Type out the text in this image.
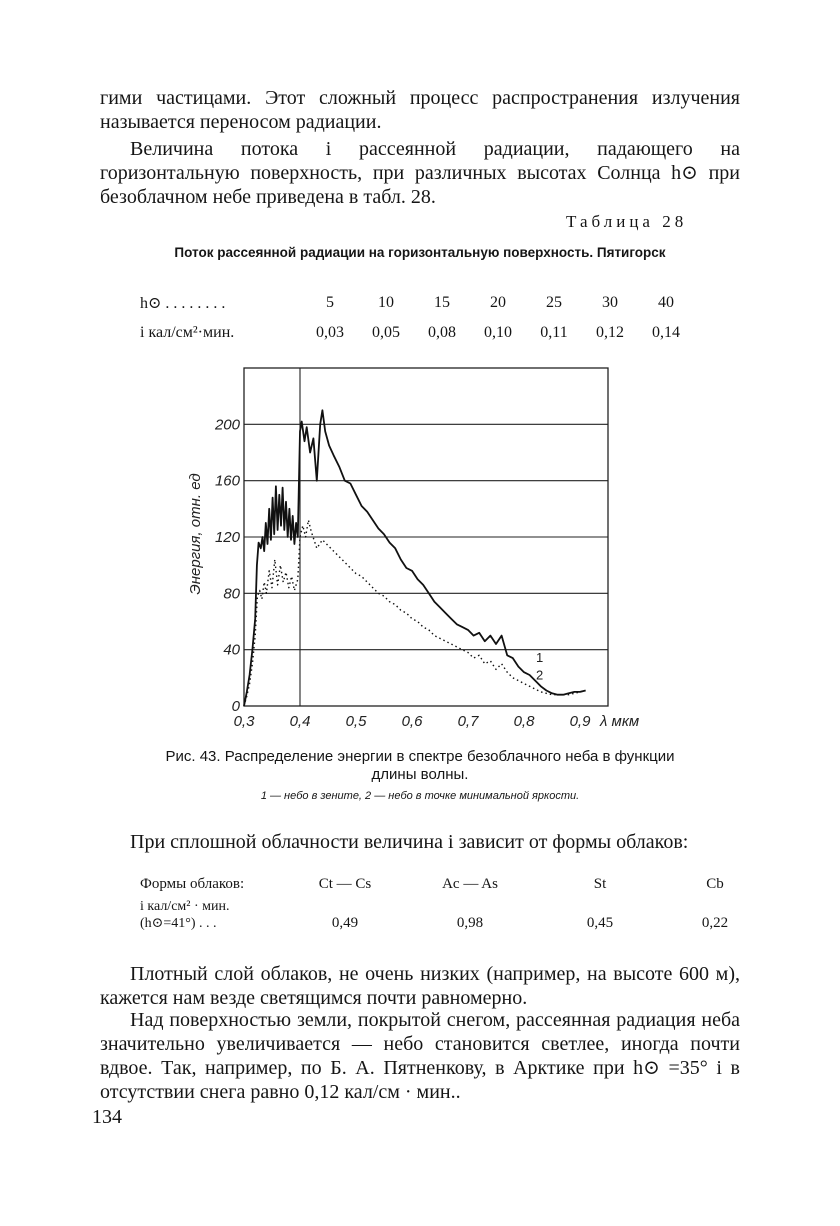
гими частицами. Этот сложный процесс распространения излучения называется переносом радиации.

Величина потока i рассеянной радиации, падающего на горизонтальную поверхность, при различных высотах Солнца h⊙ при безоблачном небе приведена в табл. 28.

Таблица 28
Поток рассеянной радиации на горизонтальную поверхность. Пятигорск
h⊙ . . . . . . . .	5	10	15	20	25	30	40
i кал/см²·мин.	0,03	0,05	0,08	0,10	0,11	0,12	0,14
0
40
80
120
160
200
0,3 0,4 0,5 0,6 0,7 0,8 0,9 λ мкм
1
2
Энергия, отн. ед
Рис. 43. Распределение энергии в спектре безоблачного неба в функции длины волны.
1 — небо в зените, 2 — небо в точке минимальной яркости.

При сплошной облачности величина i зависит от формы облаков:

Формы облаков:	Ct — Cs	Ac — As	St	Cb
i кал/см² · мин.				
(h⊙=41°) . . .	0,49	0,98	0,45	0,22

Плотный слой облаков, не очень низких (например, на высоте 600 м), кажется нам везде светящимся почти равномерно.

Над поверхностью земли, покрытой снегом, рассеянная радиация неба значительно увеличивается — небо становится светлее, иногда почти вдвое. Так, например, по Б. А. Пятненкову, в Арктике при h⊙ =35° i в отсутствии снега равно 0,12 кал/см · мин..

134
